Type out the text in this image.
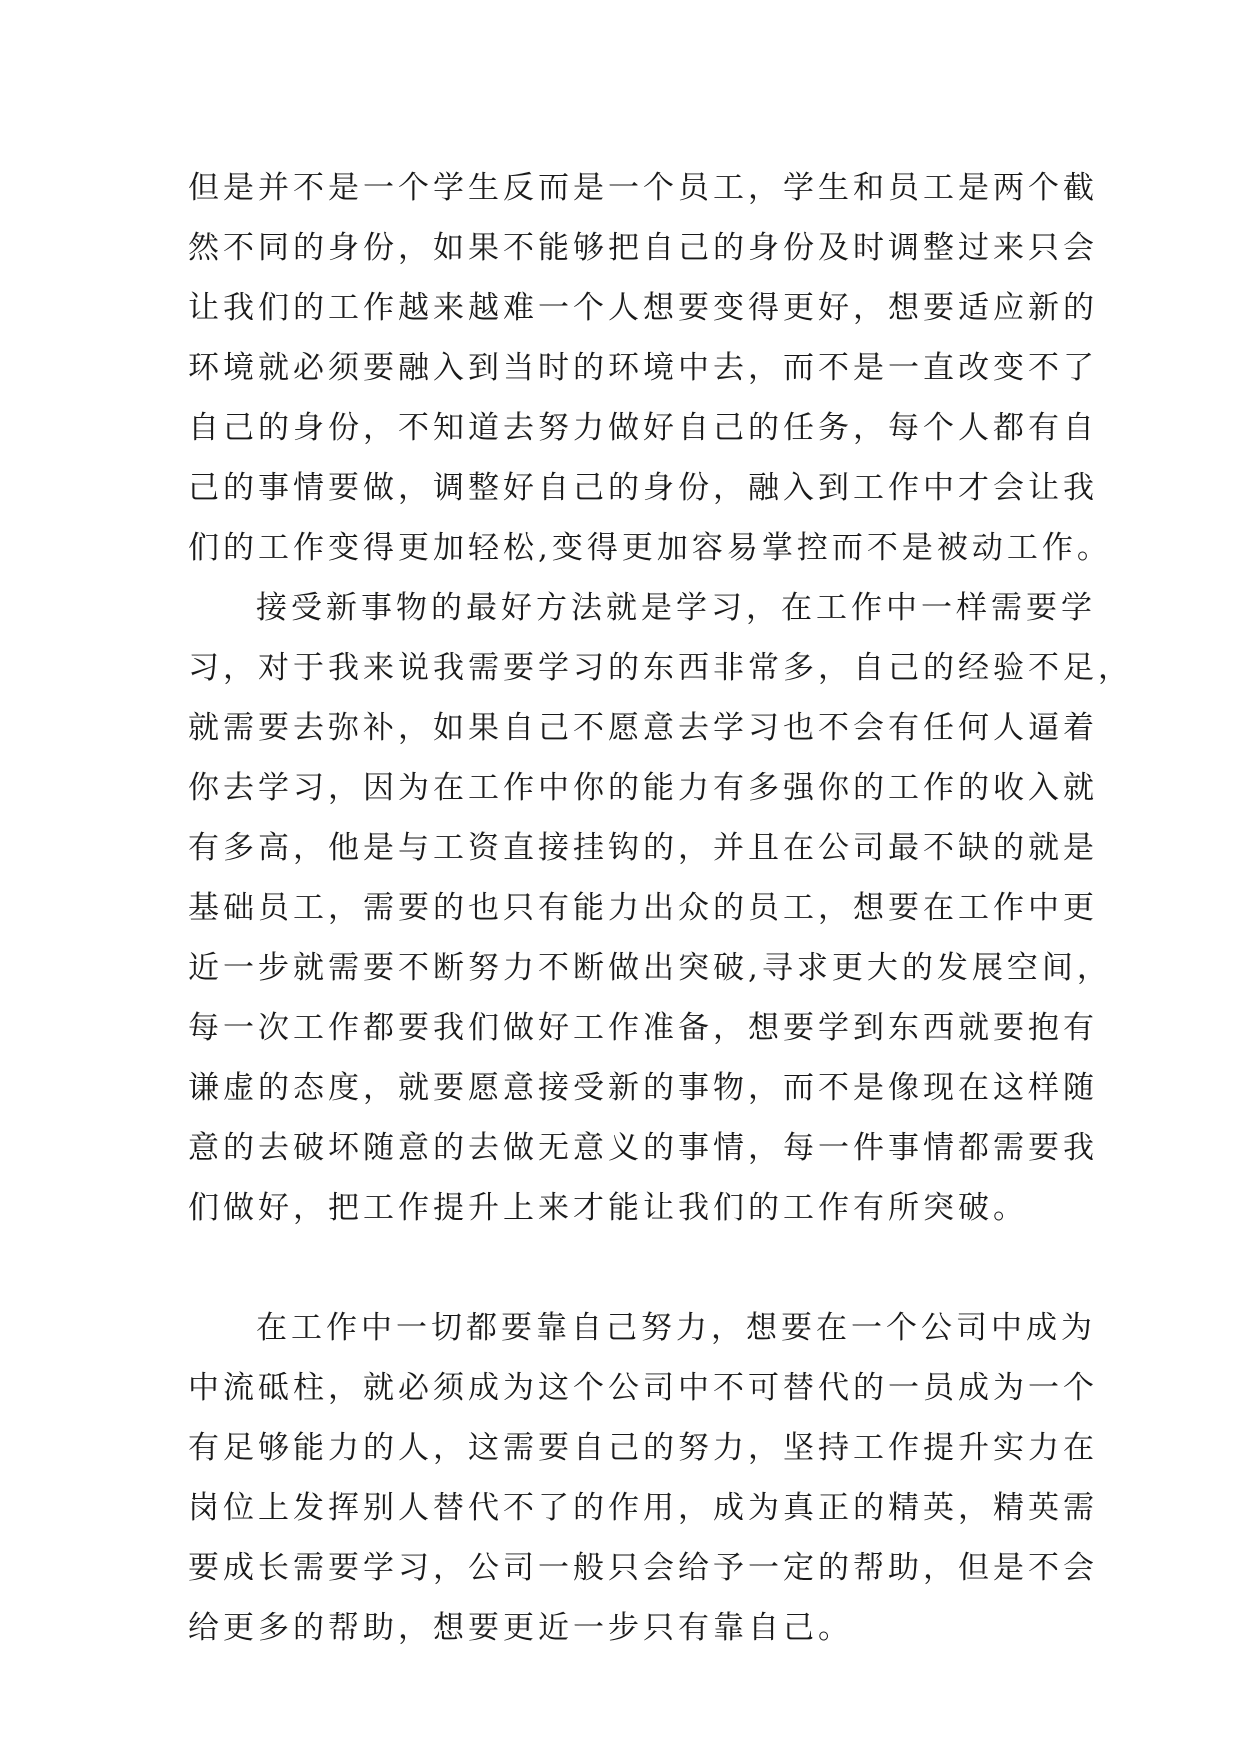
但是并不是一个学生反而是一个员工，学生和员工是两个截
然不同的身份，如果不能够把自己的身份及时调整过来只会
让我们的工作越来越难一个人想要变得更好，想要适应新的
环境就必须要融入到当时的环境中去，而不是一直改变不了
自己的身份，不知道去努力做好自己的任务，每个人都有自
己的事情要做，调整好自己的身份，融入到工作中才会让我
们的工作变得更加轻松,变得更加容易掌控而不是被动工作。
接受新事物的最好方法就是学习，在工作中一样需要学
习，对于我来说我需要学习的东西非常多，自己的经验不足，
就需要去弥补，如果自己不愿意去学习也不会有任何人逼着
你去学习，因为在工作中你的能力有多强你的工作的收入就
有多高，他是与工资直接挂钩的，并且在公司最不缺的就是
基础员工，需要的也只有能力出众的员工，想要在工作中更
近一步就需要不断努力不断做出突破,寻求更大的发展空间，
每一次工作都要我们做好工作准备，想要学到东西就要抱有
谦虚的态度，就要愿意接受新的事物，而不是像现在这样随
意的去破坏随意的去做无意义的事情，每一件事情都需要我
们做好，把工作提升上来才能让我们的工作有所突破。
在工作中一切都要靠自己努力，想要在一个公司中成为
中流砥柱，就必须成为这个公司中不可替代的一员成为一个
有足够能力的人，这需要自己的努力，坚持工作提升实力在
岗位上发挥别人替代不了的作用，成为真正的精英，精英需
要成长需要学习，公司一般只会给予一定的帮助，但是不会
给更多的帮助，想要更近一步只有靠自己。
